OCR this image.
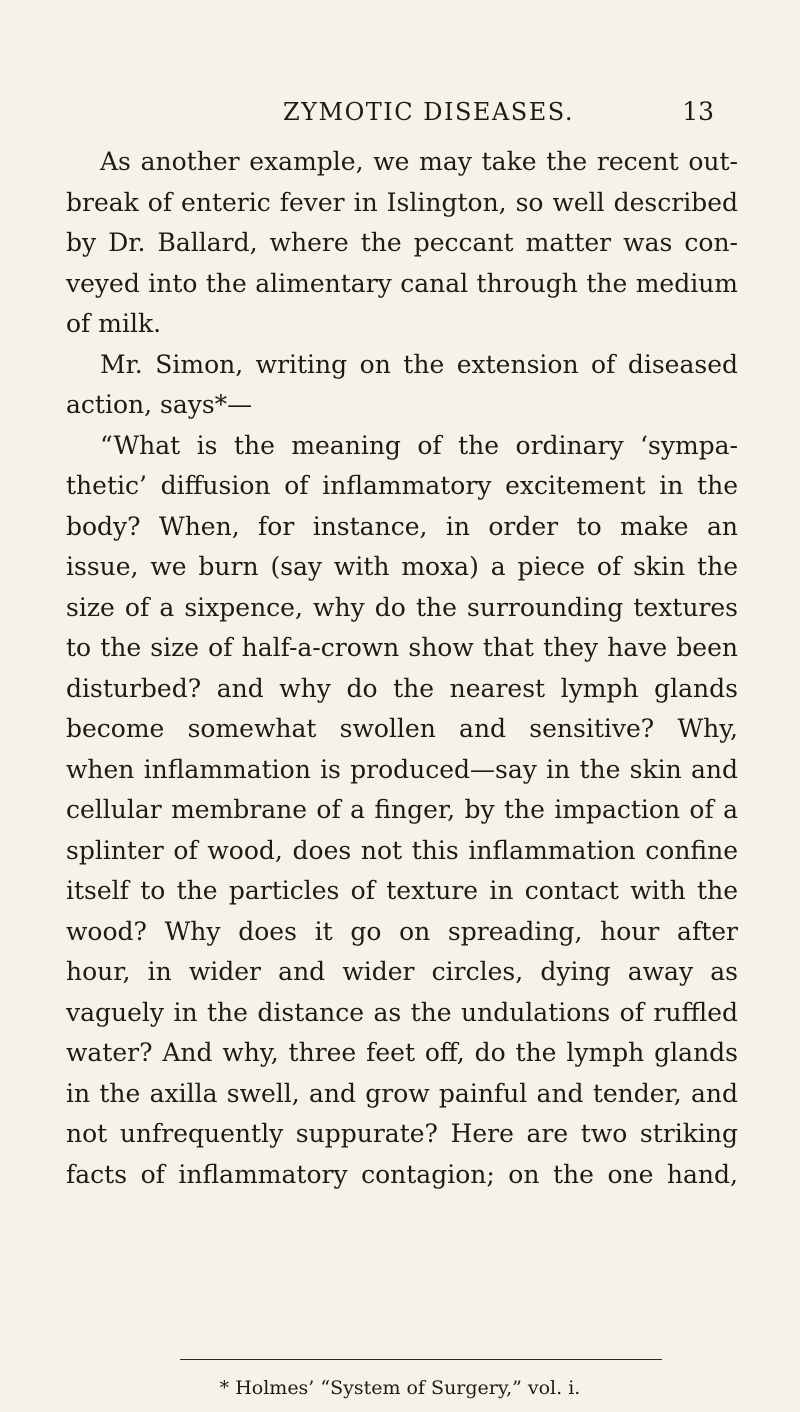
ZYMOTIC DISEASES.	13
As another example, we may take the recent out-
break of enteric fever in Islington, so well described
by Dr. Ballard, where the peccant matter was con-
veyed into the alimentary canal through the medium
of milk.
Mr. Simon, writing on the extension of diseased
action, says*—
“What is the meaning of the ordinary ‘sympa-
thetic’ diffusion of inflammatory excitement in the
body? When, for instance, in order to make an
issue, we burn (say with moxa) a piece of skin the
size of a sixpence, why do the surrounding textures
to the size of half-a-crown show that they have been
disturbed? and why do the nearest lymph glands
become somewhat swollen and sensitive? Why,
when inflammation is produced—say in the skin and
cellular membrane of a finger, by the impaction of a
splinter of wood, does not this inflammation confine
itself to the particles of texture in contact with the
wood? Why does it go on spreading, hour after
hour, in wider and wider circles, dying away as
vaguely in the distance as the undulations of ruffled
water? And why, three feet off, do the lymph glands
in the axilla swell, and grow painful and tender, and
not unfrequently suppurate? Here are two striking
facts of inflammatory contagion; on the one hand,
* Holmes’ “System of Surgery,” vol. i.
